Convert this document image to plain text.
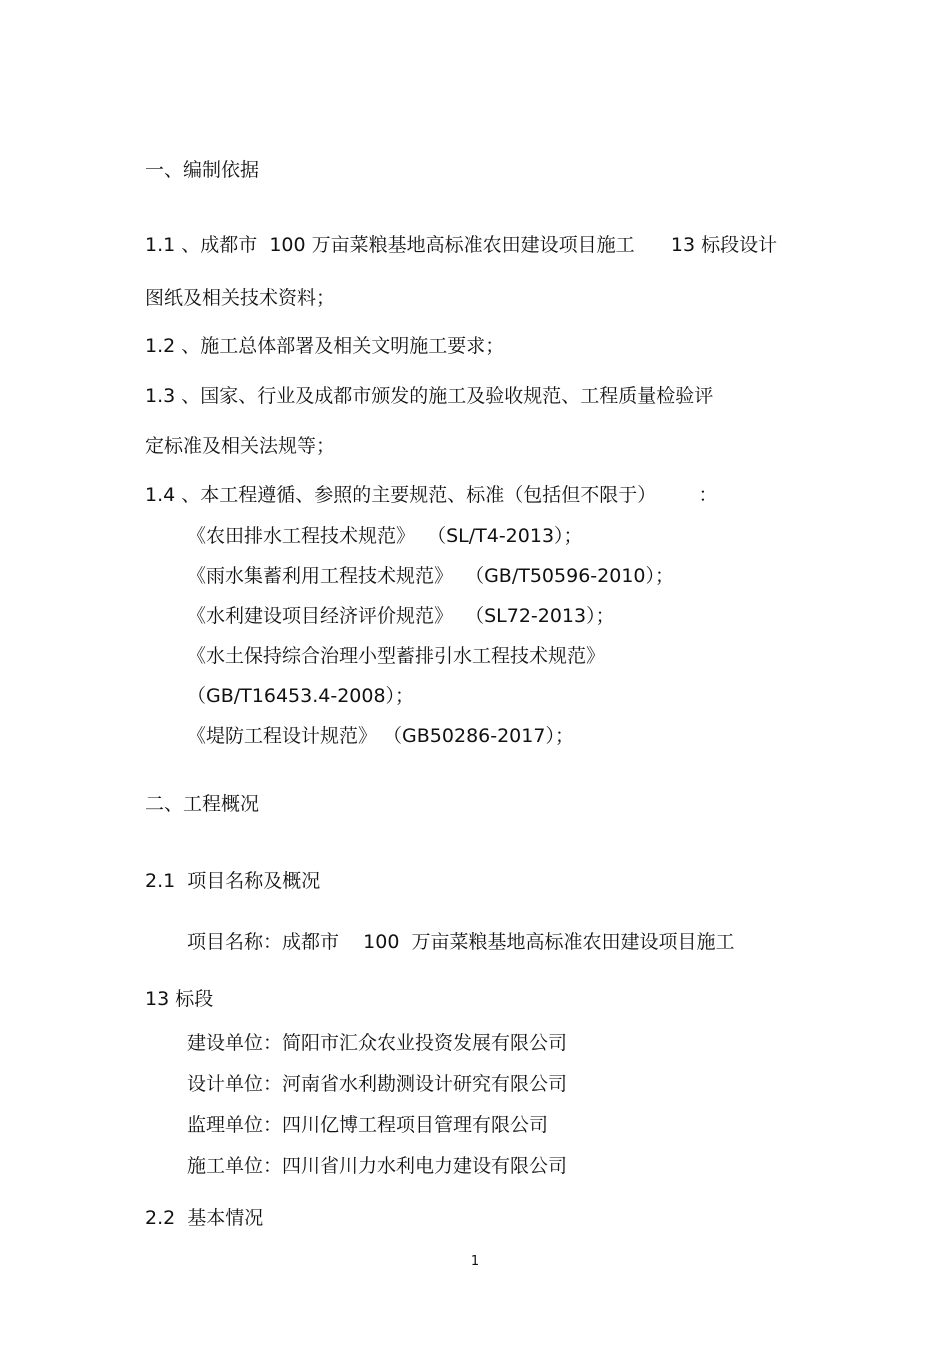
一、编制依据
1.1 、成都市  100 万亩菜粮基地高标准农田建设项目施工      13 标段设计
图纸及相关技术资料；
1.2 、施工总体部署及相关文明施工要求；
1.3 、国家、行业及成都市颁发的施工及验收规范、工程质量检验评
定标准及相关法规等；
1.4 、本工程遵循、参照的主要规范、标准（包括但不限于）       ：
《农田排水工程技术规范》  （SL/T4-2013）；
《雨水集蓄利用工程技术规范》  （GB/T50596-2010）；
《水利建设项目经济评价规范》  （SL72-2013）；
《水土保持综合治理小型蓄排引水工程技术规范》
（GB/T16453.4-2008）；
《堤防工程设计规范》 （GB50286-2017）；
二、工程概况
2.1  项目名称及概况
项目名称：成都市    100  万亩菜粮基地高标准农田建设项目施工
13 标段
建设单位：简阳市汇众农业投资发展有限公司
设计单位：河南省水利勘测设计研究有限公司
监理单位：四川亿博工程项目管理有限公司
施工单位：四川省川力水利电力建设有限公司
2.2  基本情况
1
